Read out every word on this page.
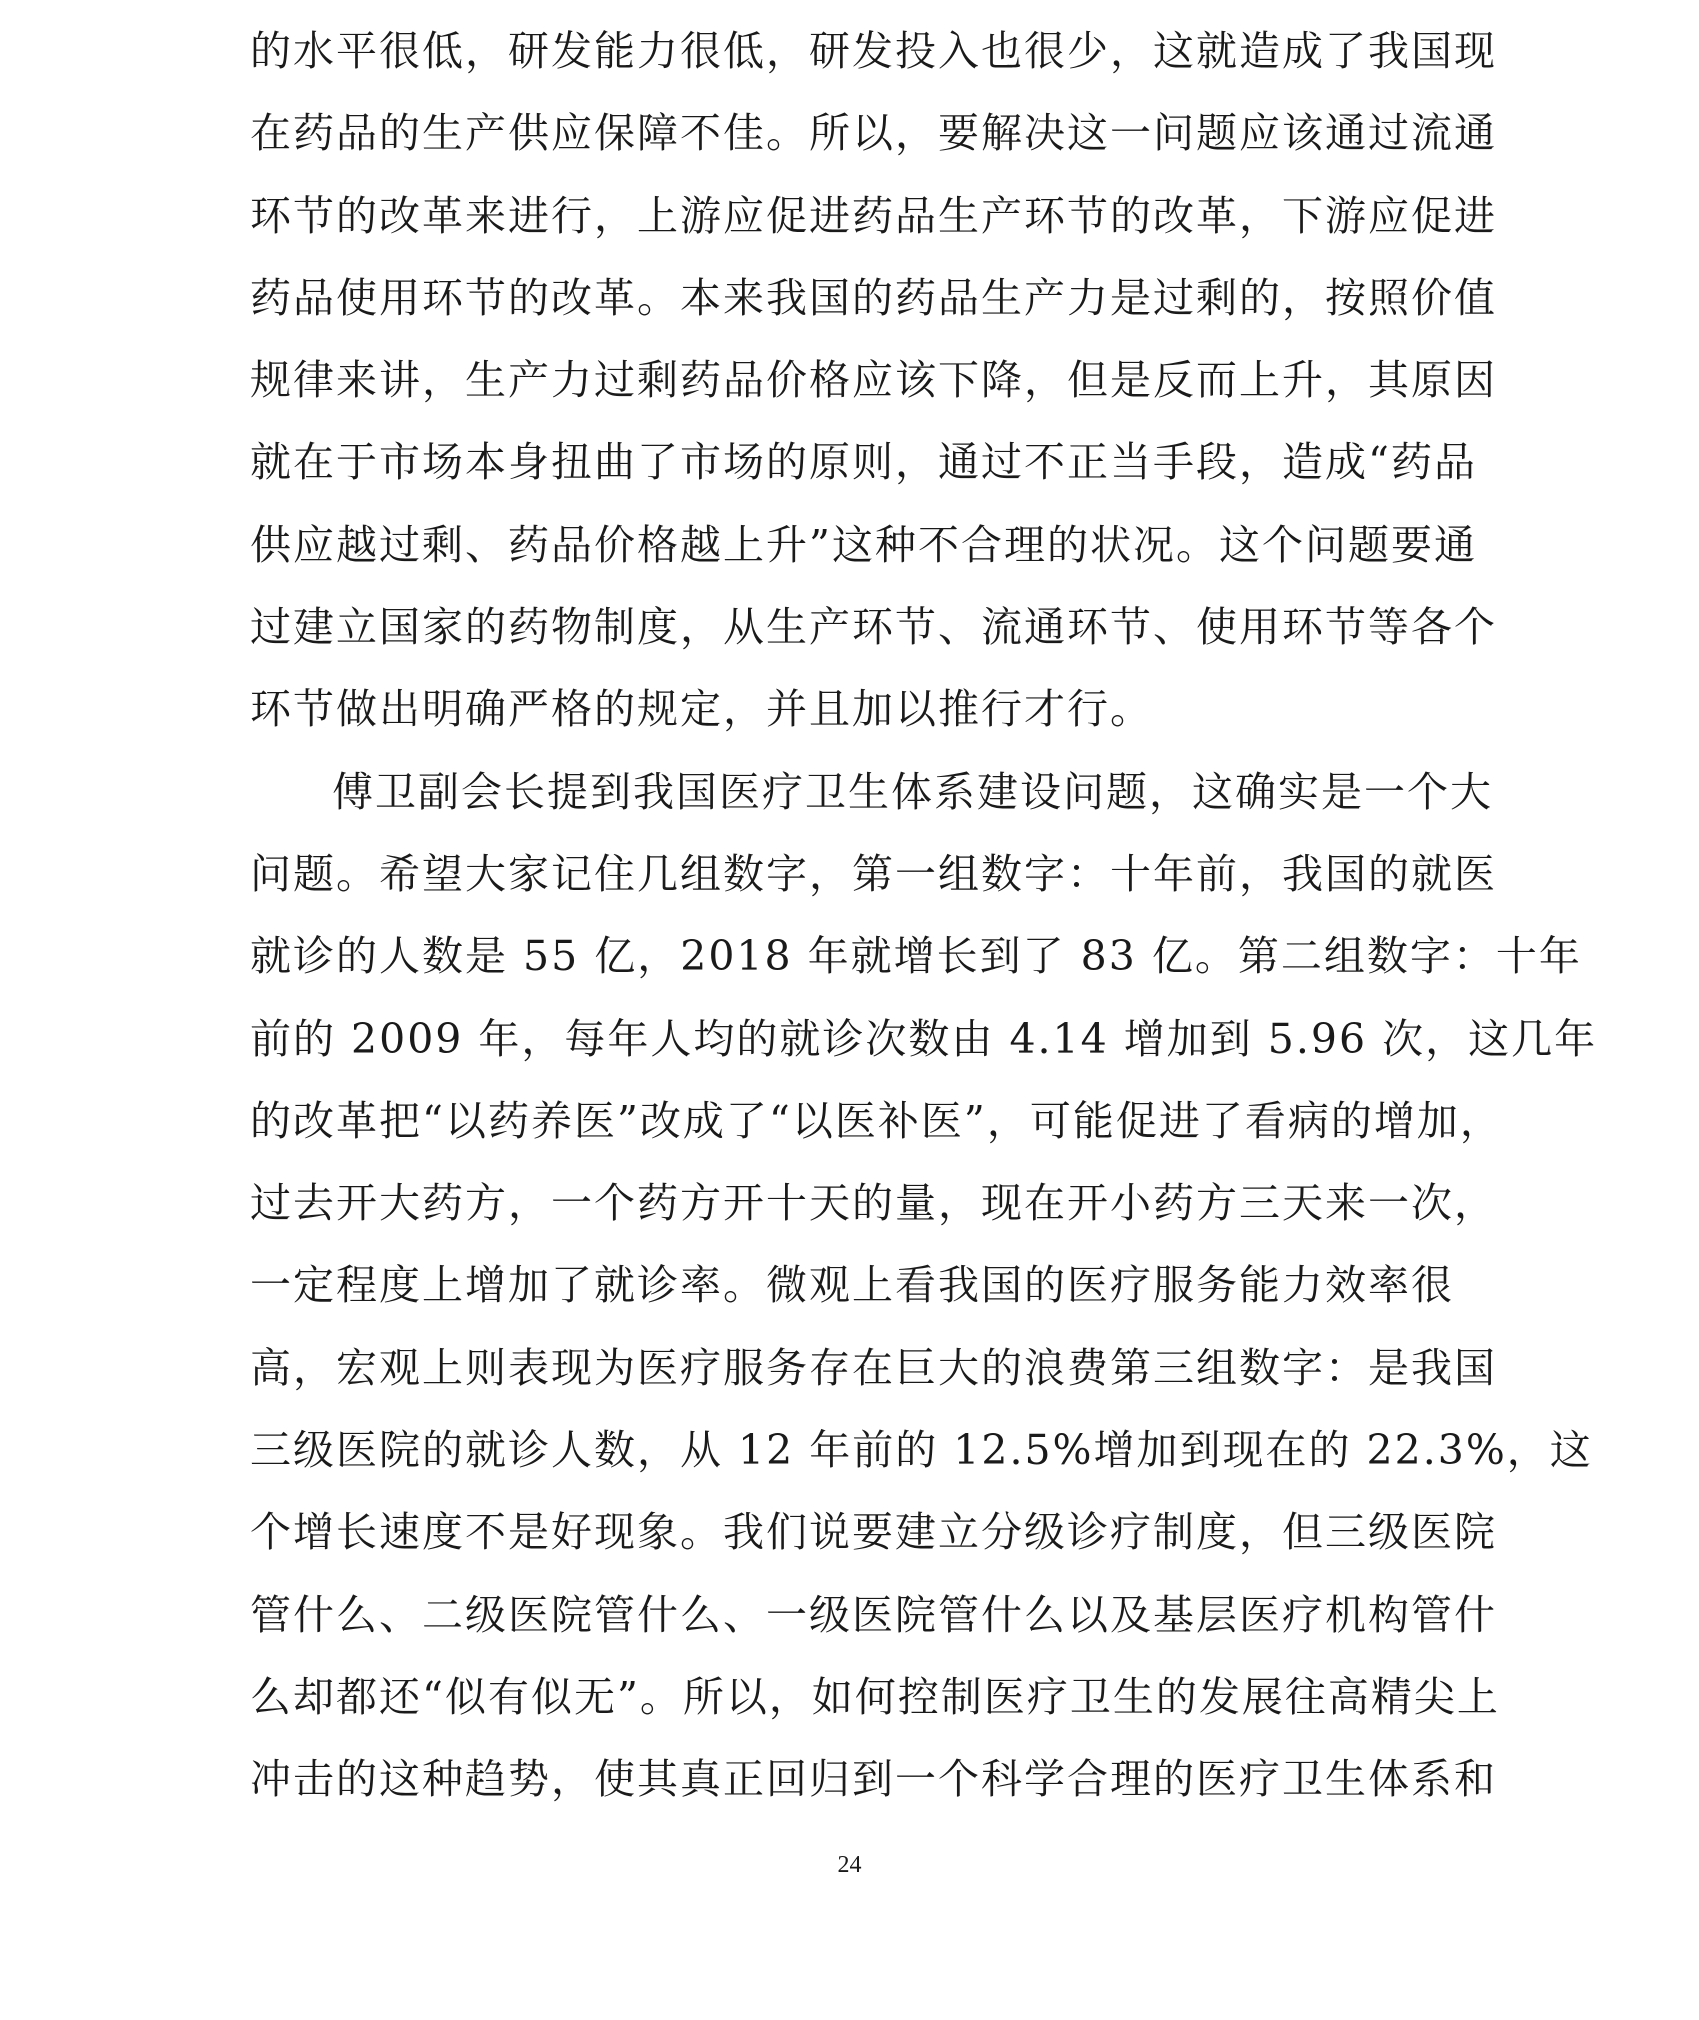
的水平很低，研发能力很低，研发投入也很少，这就造成了我国现
在药品的生产供应保障不佳。所以，要解决这一问题应该通过流通
环节的改革来进行，上游应促进药品生产环节的改革，下游应促进
药品使用环节的改革。本来我国的药品生产力是过剩的，按照价值
规律来讲，生产力过剩药品价格应该下降，但是反而上升，其原因
就在于市场本身扭曲了市场的原则，通过不正当手段，造成“药品
供应越过剩、药品价格越上升”这种不合理的状况。这个问题要通
过建立国家的药物制度，从生产环节、流通环节、使用环节等各个
环节做出明确严格的规定，并且加以推行才行。
傅卫副会长提到我国医疗卫生体系建设问题，这确实是一个大
问题。希望大家记住几组数字，第一组数字：十年前，我国的就医
就诊的人数是 55 亿，2018 年就增长到了 83 亿。第二组数字：十年
前的 2009 年，每年人均的就诊次数由 4.14 增加到 5.96 次，这几年
的改革把“以药养医”改成了“以医补医”，可能促进了看病的增加，
过去开大药方，一个药方开十天的量，现在开小药方三天来一次，
一定程度上增加了就诊率。微观上看我国的医疗服务能力效率很
高，宏观上则表现为医疗服务存在巨大的浪费第三组数字：是我国
三级医院的就诊人数，从 12 年前的 12.5%增加到现在的 22.3%，这
个增长速度不是好现象。我们说要建立分级诊疗制度，但三级医院
管什么、二级医院管什么、一级医院管什么以及基层医疗机构管什
么却都还“似有似无”。所以，如何控制医疗卫生的发展往高精尖上
冲击的这种趋势，使其真正回归到一个科学合理的医疗卫生体系和
24
